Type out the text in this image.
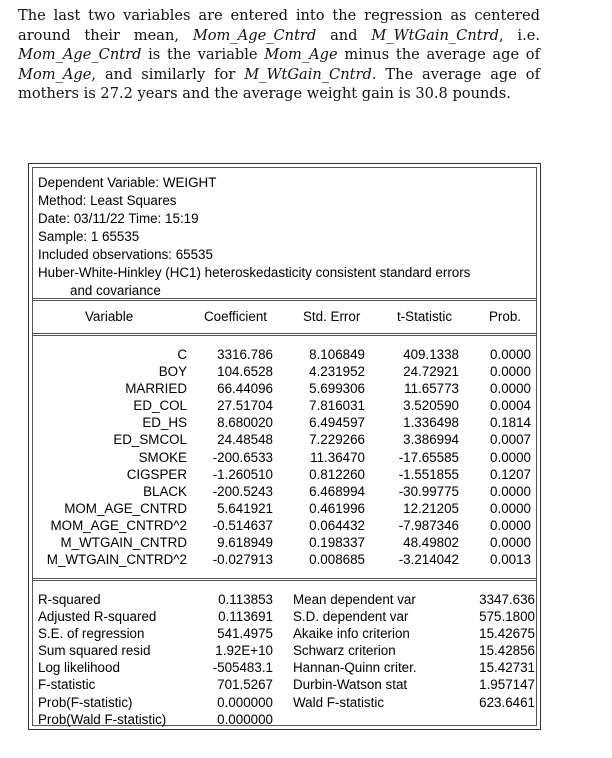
The last two variables are entered into the regression as centered around their mean, Mom_Age_Cntrd and M_WtGain_Cntrd, i.e. Mom_Age_Cntrd is the variable Mom_Age minus the average age of Mom_Age, and similarly for M_WtGain_Cntrd. The average age of mothers is 27.2 years and the average weight gain is 30.8 pounds.
Dependent Variable: WEIGHT
Method: Least Squares
Date: 03/11/22 Time: 15:19
Sample: 1 65535
Included observations: 65535
Huber-White-Hinkley (HC1) heteroskedasticity consistent standard errors
and covariance
Variable	Coefficient	Std. Error	t-Statistic	Prob.
C	3316.786	8.106849	409.1338	0.0000
BOY	104.6528	4.231952	24.72921	0.0000
MARRIED	66.44096	5.699306	11.65773	0.0000
ED_COL	27.51704	7.816031	3.520590	0.0004
ED_HS	8.680020	6.494597	1.336498	0.1814
ED_SMCOL	24.48548	7.229266	3.386994	0.0007
SMOKE	-200.6533	11.36470	-17.65585	0.0000
CIGSPER	-1.260510	0.812260	-1.551855	0.1207
BLACK	-200.5243	6.468994	-30.99775	0.0000
MOM_AGE_CNTRD	5.641921	0.461996	12.21205	0.0000
MOM_AGE_CNTRD^2	-0.514637	0.064432	-7.987346	0.0000
M_WTGAIN_CNTRD	9.618949	0.198337	48.49802	0.0000
M_WTGAIN_CNTRD^2	-0.027913	0.008685	-3.214042	0.0013
R-squared	0.113853 Mean dependent var	3347.636
Adjusted R-squared	0.113691 S.D. dependent var	575.1800
S.E. of regression	541.4975 Akaike info criterion	15.42675
Sum squared resid	1.92E+10 Schwarz criterion	15.42856
Log likelihood	-505483.1 Hannan-Quinn criter.	15.42731
F-statistic	701.5267 Durbin-Watson stat	1.957147
Prob(F-statistic)	0.000000 Wald F-statistic	623.6461
Prob(Wald F-statistic)	0.000000
